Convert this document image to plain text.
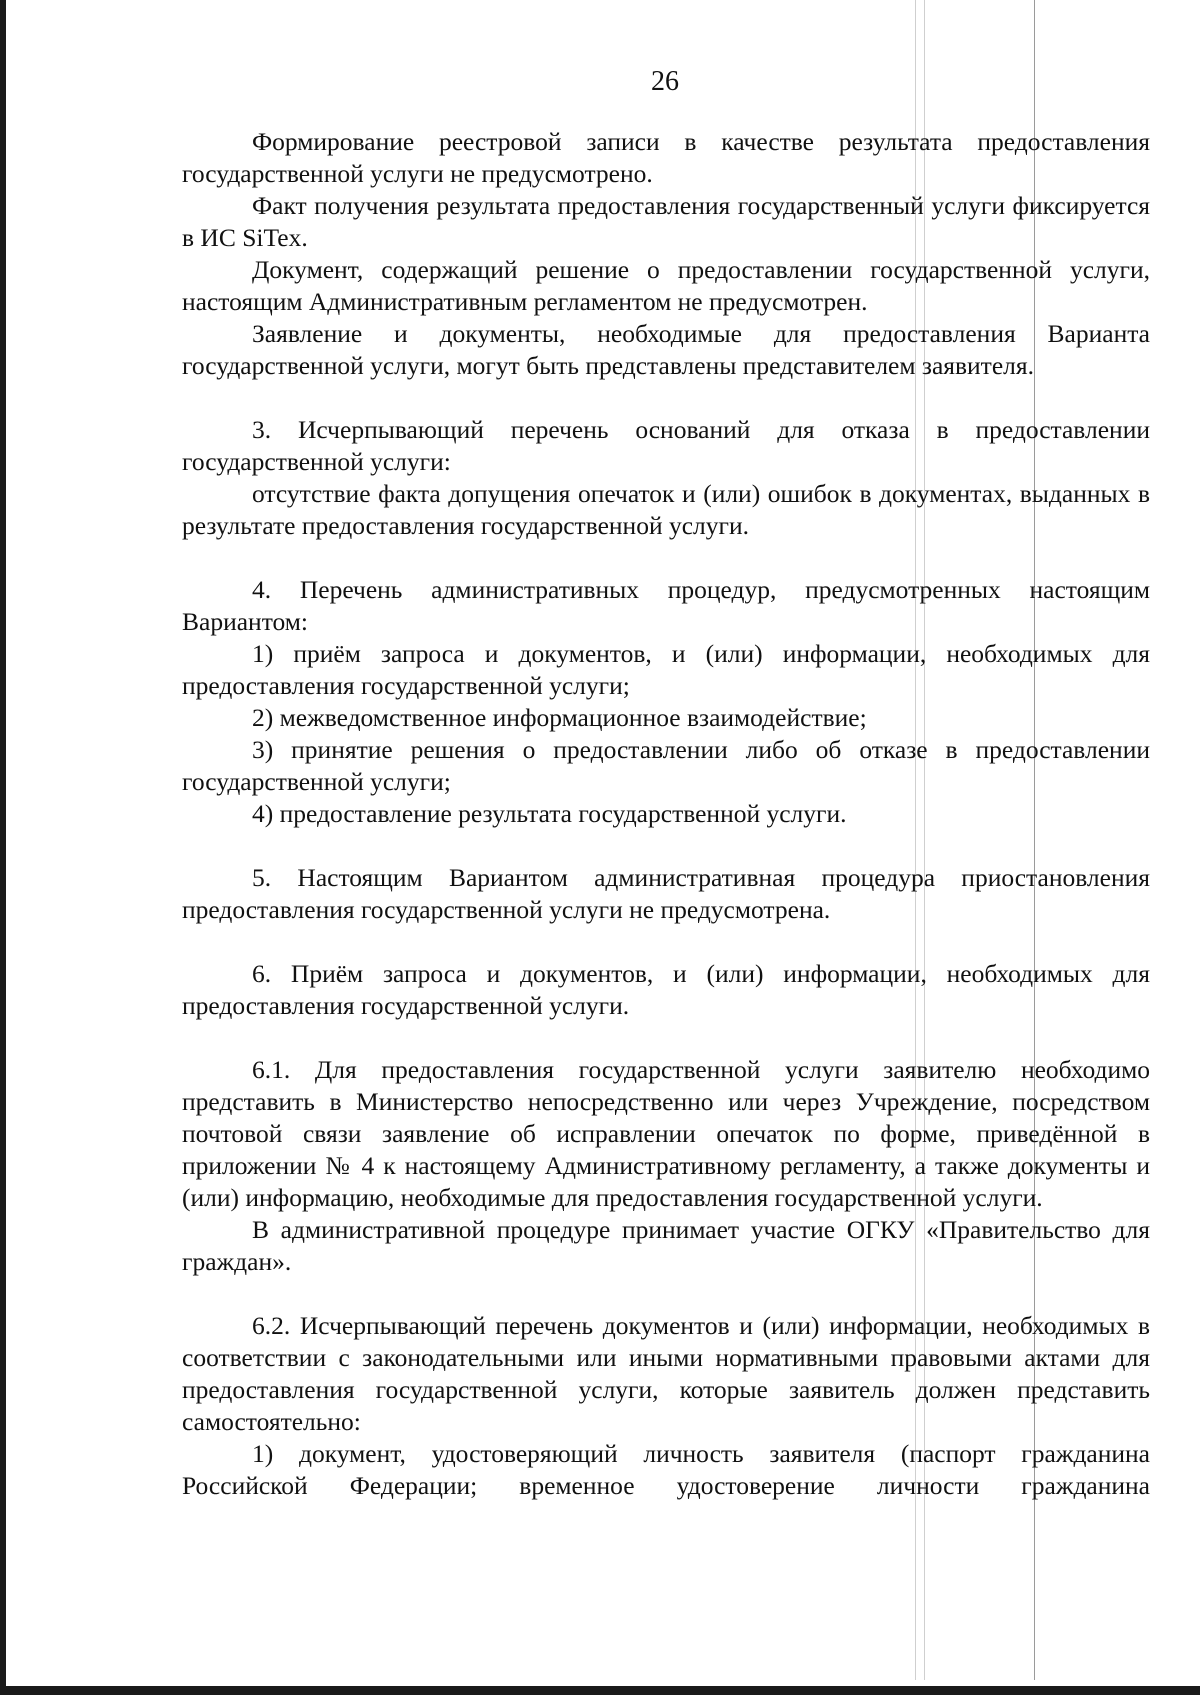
26

Формирование реестровой записи в качестве результата предоставления государственной услуги не предусмотрено.

Факт получения результата предоставления государственный услуги фиксируется в ИС SiTex.

Документ, содержащий решение о предоставлении государственной услуги, настоящим Административным регламентом не предусмотрен.

Заявление и документы, необходимые для предоставления Варианта государственной услуги, могут быть представлены представителем заявителя.

3. Исчерпывающий перечень оснований для отказа в предоставлении государственной услуги:

отсутствие факта допущения опечаток и (или) ошибок в документах, выданных в результате предоставления государственной услуги.

4. Перечень административных процедур, предусмотренных настоящим Вариантом:

1) приём запроса и документов, и (или) информации, необходимых для предоставления государственной услуги;

2) межведомственное информационное взаимодействие;

3) принятие решения о предоставлении либо об отказе в предоставлении государственной услуги;

4) предоставление результата государственной услуги.

5. Настоящим Вариантом административная процедура приостановления предоставления государственной услуги не предусмотрена.

6. Приём запроса и документов, и (или) информации, необходимых для предоставления государственной услуги.

6.1. Для предоставления государственной услуги заявителю необходимо представить в Министерство непосредственно или через Учреждение, посредством почтовой связи заявление об исправлении опечаток по форме, приведённой в приложении № 4 к настоящему Административному регламенту, а также документы и (или) информацию, необходимые для предоставления государственной услуги.

В административной процедуре принимает участие ОГКУ «Правительство для граждан».

6.2. Исчерпывающий перечень документов и (или) информации, необходимых в соответствии с законодательными или иными нормативными правовыми актами для предоставления государственной услуги, которые заявитель должен представить самостоятельно:

1) документ, удостоверяющий личность заявителя (паспорт гражданина Российской Федерации; временное удостоверение личности гражданина
